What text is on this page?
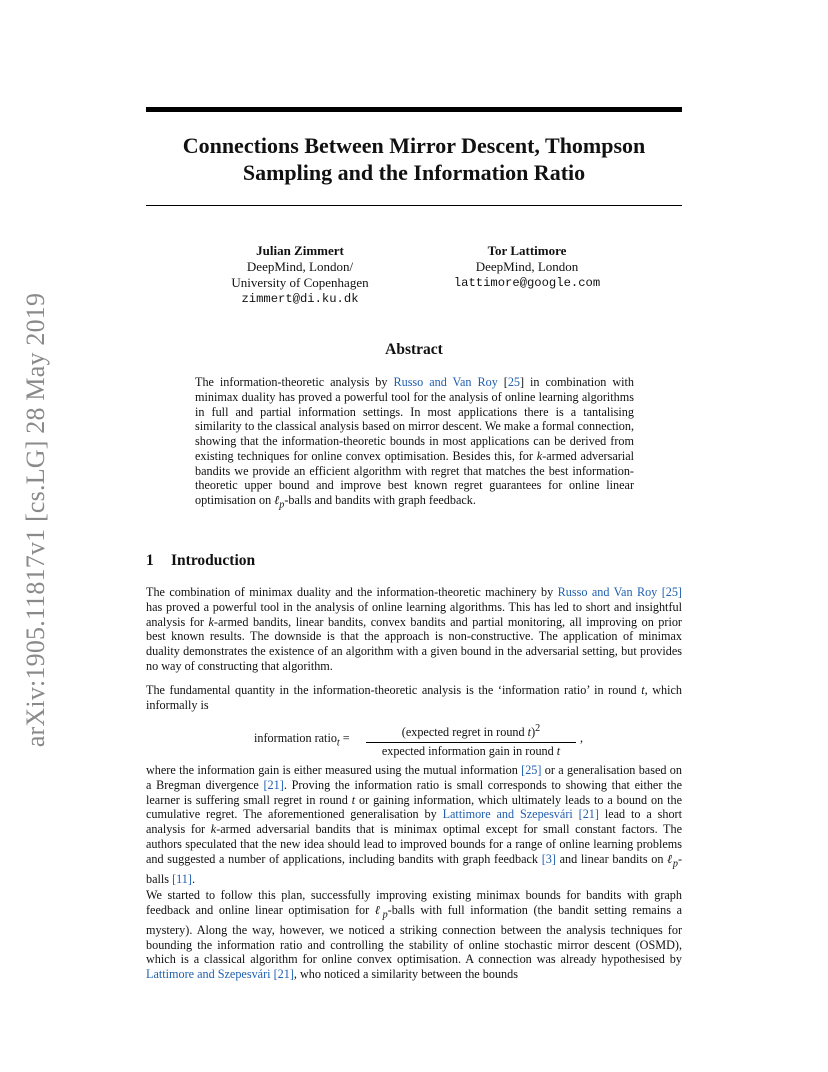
arXiv:1905.11817v1 [cs.LG] 28 May 2019
Connections Between Mirror Descent, Thompson
Sampling and the Information Ratio
Julian Zimmert
DeepMind, London/
University of Copenhagen
zimmert@di.ku.dk
Tor Lattimore
DeepMind, London
lattimore@google.com
Abstract
The information-theoretic analysis by Russo and Van Roy [25] in combination with minimax duality has proved a powerful tool for the analysis of online learning algorithms in full and partial information settings. In most applications there is a tantalising similarity to the classical analysis based on mirror descent. We make a formal connection, showing that the information-theoretic bounds in most applications can be derived from existing techniques for online convex optimisation. Besides this, for k-armed adversarial bandits we provide an efficient algorithm with regret that matches the best information-theoretic upper bound and improve best known regret guarantees for online linear optimisation on ℓ$_p$-balls and bandits with graph feedback.
1 Introduction
The combination of minimax duality and the information-theoretic machinery by Russo and Van Roy [25] has proved a powerful tool in the analysis of online learning algorithms. This has led to short and insightful analysis for k-armed bandits, linear bandits, convex bandits and partial monitoring, all improving on prior best known results. The downside is that the approach is non-constructive. The application of minimax duality demonstrates the existence of an algorithm with a given bound in the adversarial setting, but provides no way of constructing that algorithm.
The fundamental quantity in the information-theoretic analysis is the ‘information ratio’ in round t, which informally is
information ratio$_t$ =	(expected regret in round t)$^2$
expected information gain in round t
,
where the information gain is either measured using the mutual information [25] or a generalisation based on a Bregman divergence [21]. Proving the information ratio is small corresponds to showing that either the learner is suffering small regret in round t or gaining information, which ultimately leads to a bound on the cumulative regret. The aforementioned generalisation by Lattimore and Szepesvári [21] lead to a short analysis for k-armed adversarial bandits that is minimax optimal except for small constant factors. The authors speculated that the new idea should lead to improved bounds for a range of online learning problems and suggested a number of applications, including bandits with graph feedback [3] and linear bandits on ℓ$_p$-balls [11].
We started to follow this plan, successfully improving existing minimax bounds for bandits with graph feedback and online linear optimisation for ℓ$_p$-balls with full information (the bandit setting remains a mystery). Along the way, however, we noticed a striking connection between the analysis techniques for bounding the information ratio and controlling the stability of online stochastic mirror descent (OSMD), which is a classical algorithm for online convex optimisation. A connection was already hypothesised by Lattimore and Szepesvári [21], who noticed a similarity between the bounds
